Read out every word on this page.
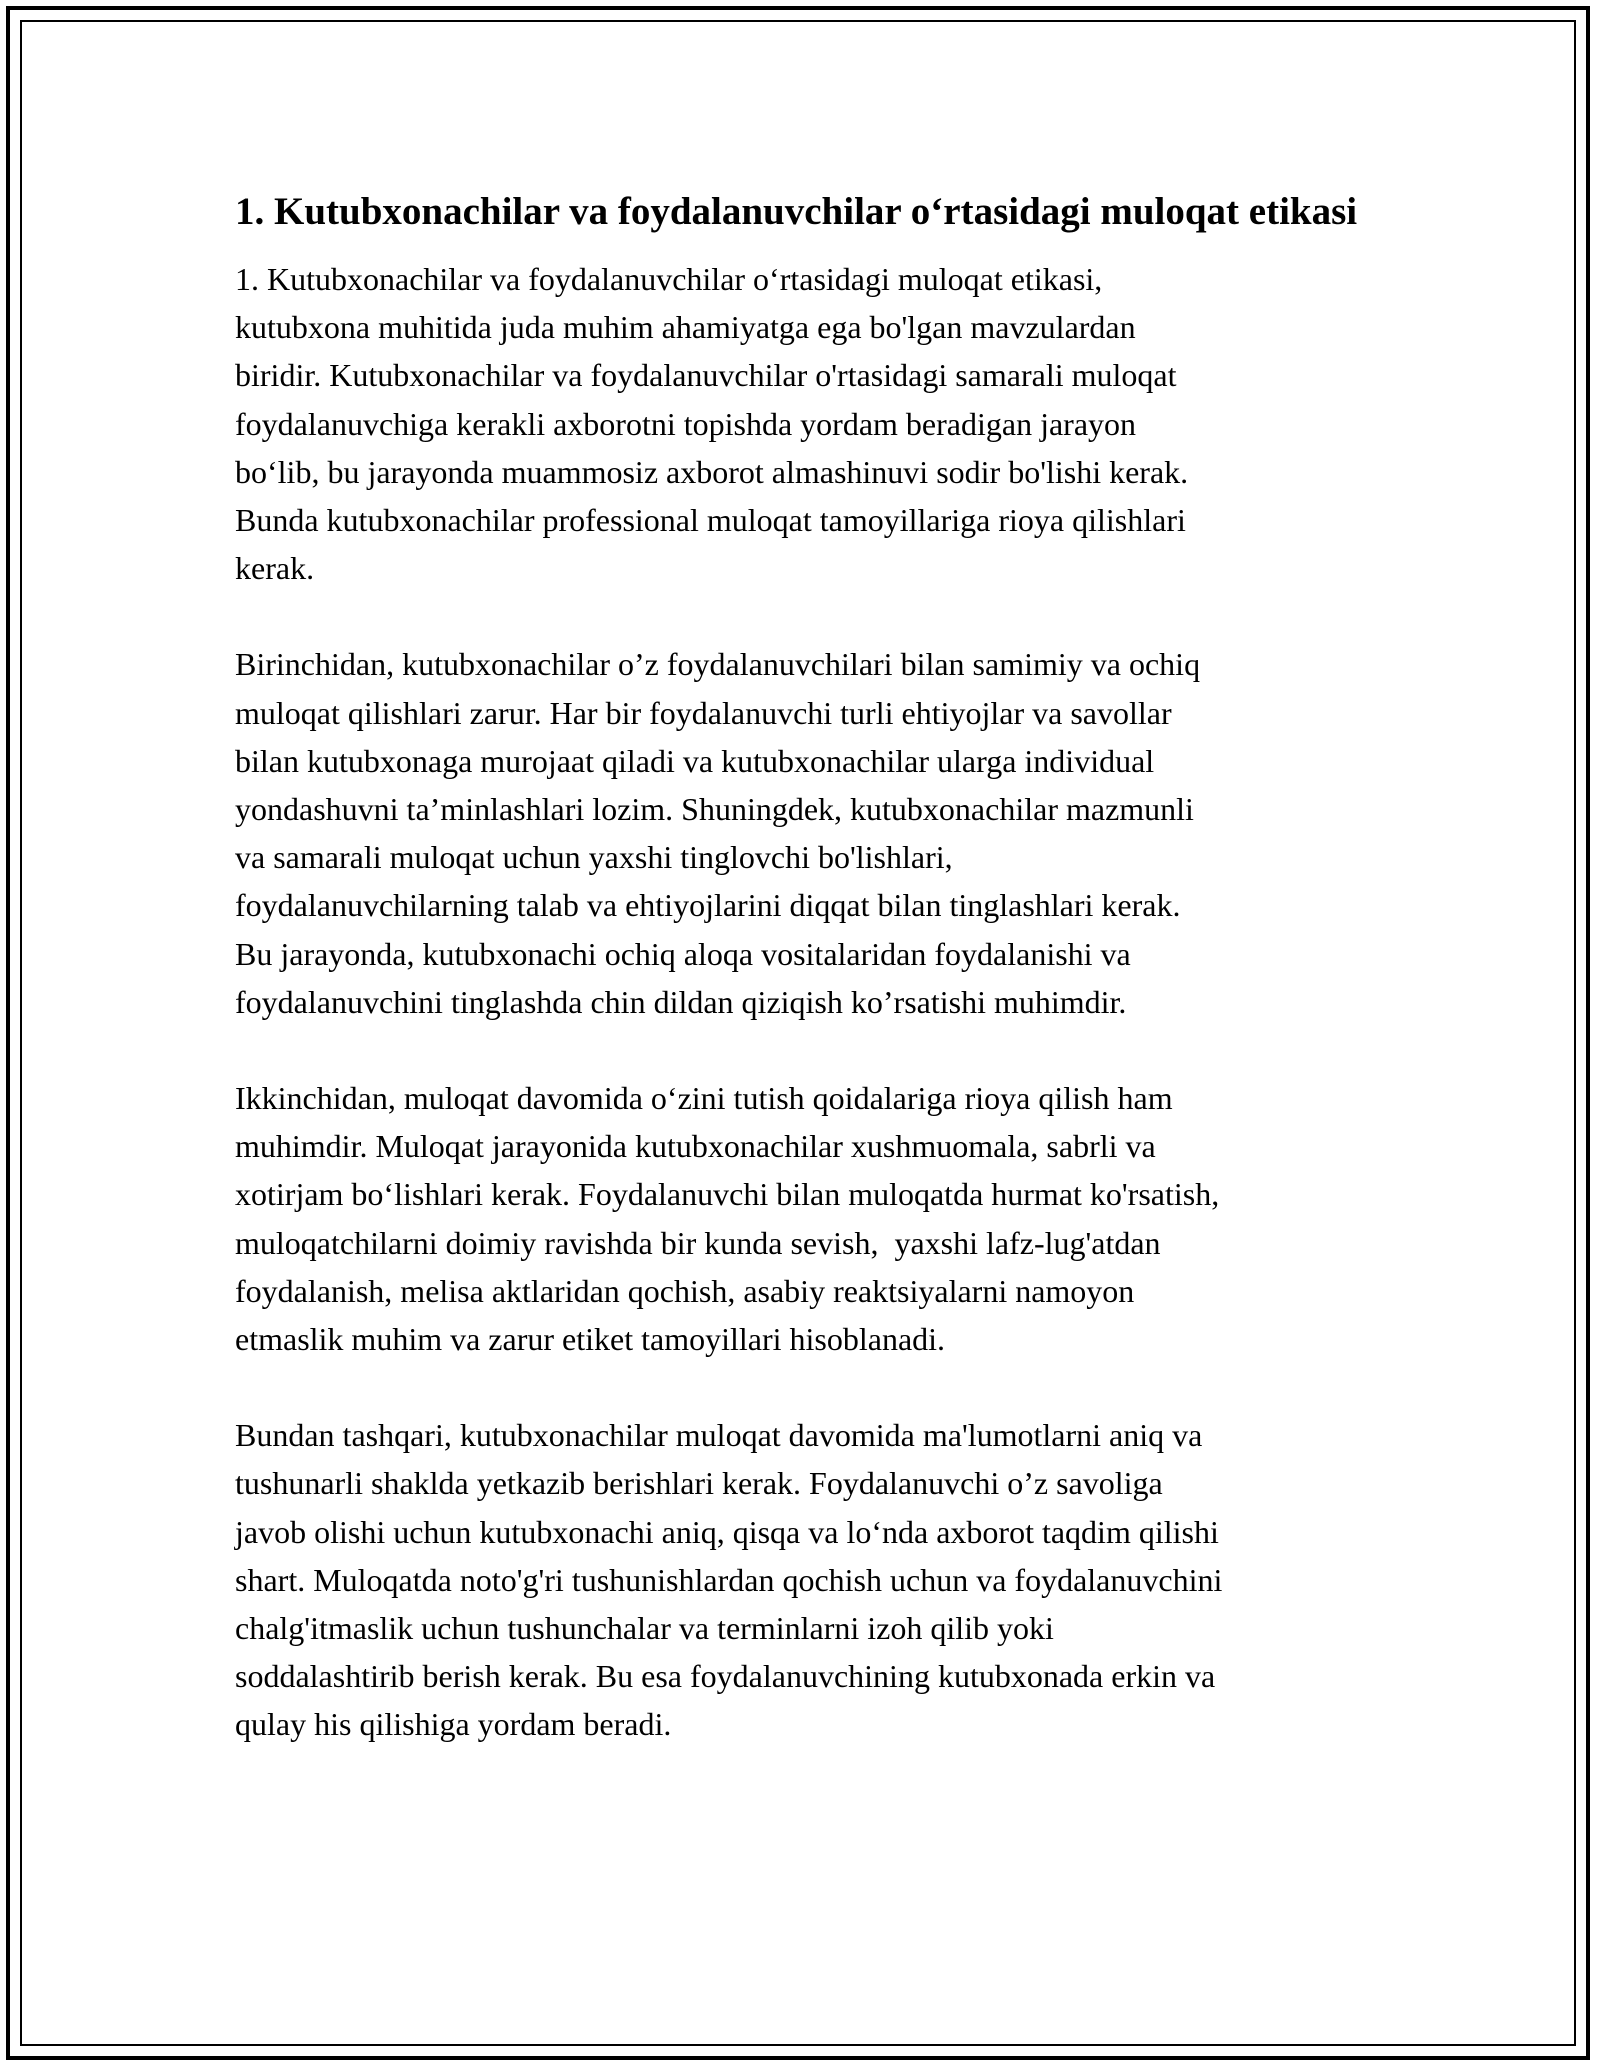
1. Kutubxonachilar va foydalanuvchilar o‘rtasidagi muloqat etikasi

1. Kutubxonachilar va foydalanuvchilar o‘rtasidagi muloqat etikasi,
kutubxona muhitida juda muhim ahamiyatga ega bo'lgan mavzulardan
biridir. Kutubxonachilar va foydalanuvchilar o'rtasidagi samarali muloqat
foydalanuvchiga kerakli axborotni topishda yordam beradigan jarayon
bo‘lib, bu jarayonda muammosiz axborot almashinuvi sodir bo'lishi kerak.
Bunda kutubxonachilar professional muloqat tamoyillariga rioya qilishlari
kerak.

Birinchidan, kutubxonachilar o’z foydalanuvchilari bilan samimiy va ochiq
muloqat qilishlari zarur. Har bir foydalanuvchi turli ehtiyojlar va savollar
bilan kutubxonaga murojaat qiladi va kutubxonachilar ularga individual
yondashuvni ta’minlashlari lozim. Shuningdek, kutubxonachilar mazmunli
va samarali muloqat uchun yaxshi tinglovchi bo'lishlari,
foydalanuvchilarning talab va ehtiyojlarini diqqat bilan tinglashlari kerak.
Bu jarayonda, kutubxonachi ochiq aloqa vositalaridan foydalanishi va
foydalanuvchini tinglashda chin dildan qiziqish ko’rsatishi muhimdir.

Ikkinchidan, muloqat davomida o‘zini tutish qoidalariga rioya qilish ham
muhimdir. Muloqat jarayonida kutubxonachilar xushmuomala, sabrli va
xotirjam bo‘lishlari kerak. Foydalanuvchi bilan muloqatda hurmat ko'rsatish,
muloqatchilarni doimiy ravishda bir kunda sevish,  yaxshi lafz-lug'atdan
foydalanish, melisa aktlaridan qochish, asabiy reaktsiyalarni namoyon
etmaslik muhim va zarur etiket tamoyillari hisoblanadi.

Bundan tashqari, kutubxonachilar muloqat davomida ma'lumotlarni aniq va
tushunarli shaklda yetkazib berishlari kerak. Foydalanuvchi o’z savoliga
javob olishi uchun kutubxonachi aniq, qisqa va lo‘nda axborot taqdim qilishi
shart. Muloqatda noto'g'ri tushunishlardan qochish uchun va foydalanuvchini
chalg'itmaslik uchun tushunchalar va terminlarni izoh qilib yoki
soddalashtirib berish kerak. Bu esa foydalanuvchining kutubxonada erkin va
qulay his qilishiga yordam beradi.
